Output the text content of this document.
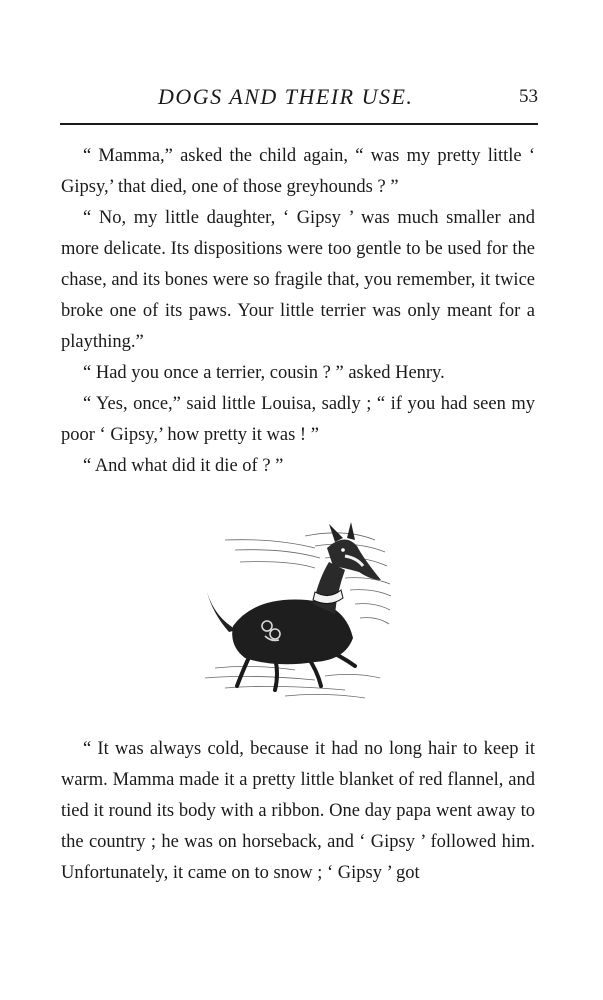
DOGS AND THEIR USE.	53

“ Mamma,” asked the child again, “ was my pretty little ‘ Gipsy,’ that died, one of those greyhounds ? ”

“ No, my little daughter, ‘ Gipsy ’ was much smaller and more delicate. Its dispositions were too gentle to be used for the chase, and its bones were so fragile that, you remember, it twice broke one of its paws. Your little terrier was only meant for a plaything.”

“ Had you once a terrier, cousin ? ” asked Henry.

“ Yes, once,” said little Louisa, sadly ; “ if you had seen my poor ‘ Gipsy,’ how pretty it was ! ”

“ And what did it die of ? ”

“ It was always cold, because it had no long hair to keep it warm. Mamma made it a pretty little blanket of red flannel, and tied it round its body with a ribbon. One day papa went away to the country ; he was on horseback, and ‘ Gipsy ’ followed him. Unfortunately, it came on to snow ; ‘ Gipsy ’ got
